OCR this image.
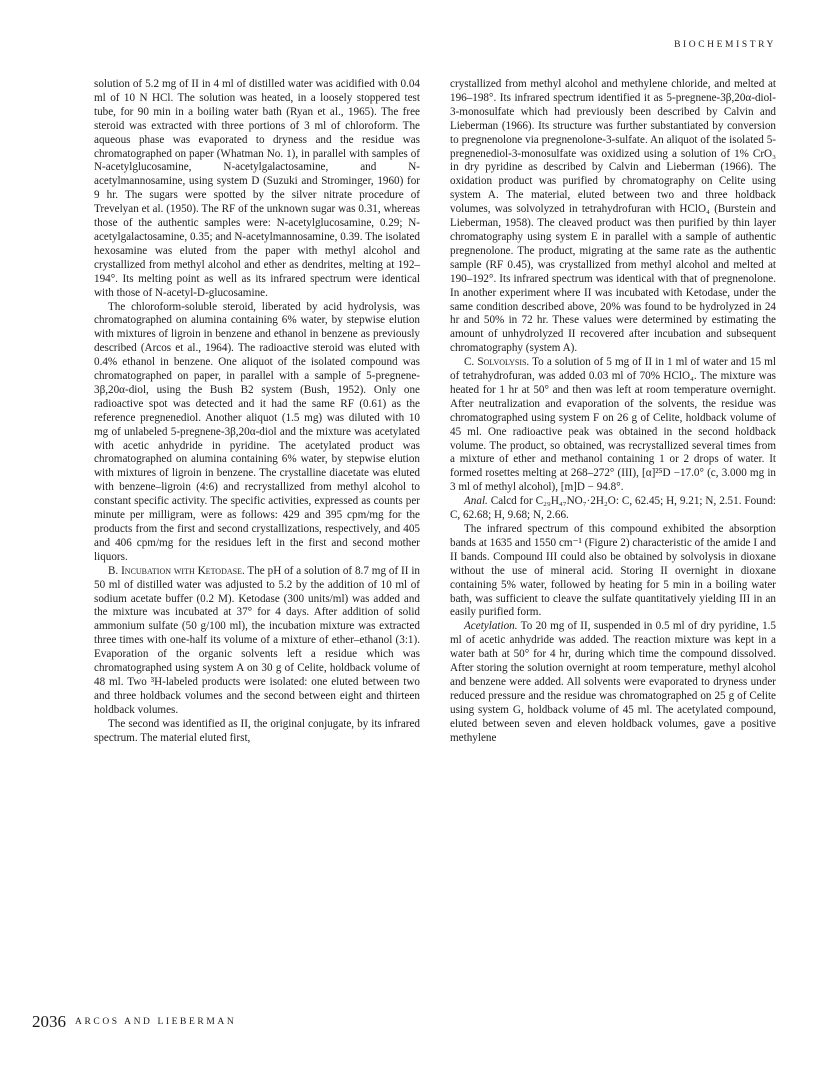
BIOCHEMISTRY

solution of 5.2 mg of II in 4 ml of distilled water was acidified with 0.04 ml of 10 N HCl. The solution was heated, in a loosely stoppered test tube, for 90 min in a boiling water bath (Ryan et al., 1965). The free steroid was extracted with three portions of 3 ml of chloroform. The aqueous phase was evaporated to dryness and the residue was chromatographed on paper (Whatman No. 1), in parallel with samples of N-acetylglucosamine, N-acetylgalactosamine, and N-acetylmannosamine, using system D (Suzuki and Strominger, 1960) for 9 hr. The sugars were spotted by the silver nitrate procedure of Trevelyan et al. (1950). The RF of the unknown sugar was 0.31, whereas those of the authentic samples were: N-acetylglucosamine, 0.29; N-acetylgalactosamine, 0.35; and N-acetylmannosamine, 0.39. The isolated hexosamine was eluted from the paper with methyl alcohol and crystallized from methyl alcohol and ether as dendrites, melting at 192–194°. Its melting point as well as its infrared spectrum were identical with those of N-acetyl-D-glucosamine.

The chloroform-soluble steroid, liberated by acid hydrolysis, was chromatographed on alumina containing 6% water, by stepwise elution with mixtures of ligroin in benzene and ethanol in benzene as previously described (Arcos et al., 1964). The radioactive steroid was eluted with 0.4% ethanol in benzene. One aliquot of the isolated compound was chromatographed on paper, in parallel with a sample of 5-pregnene-3β,20α-diol, using the Bush B2 system (Bush, 1952). Only one radioactive spot was detected and it had the same RF (0.61) as the reference pregnenediol. Another aliquot (1.5 mg) was diluted with 10 mg of unlabeled 5-pregnene-3β,20α-diol and the mixture was acetylated with acetic anhydride in pyridine. The acetylated product was chromatographed on alumina containing 6% water, by stepwise elution with mixtures of ligroin in benzene. The crystalline diacetate was eluted with benzene–ligroin (4:6) and recrystallized from methyl alcohol to constant specific activity. The specific activities, expressed as counts per minute per milligram, were as follows: 429 and 395 cpm/mg for the products from the first and second crystallizations, respectively, and 405 and 406 cpm/mg for the residues left in the first and second mother liquors.

B. Incubation with Ketodase. The pH of a solution of 8.7 mg of II in 50 ml of distilled water was adjusted to 5.2 by the addition of 10 ml of sodium acetate buffer (0.2 M). Ketodase (300 units/ml) was added and the mixture was incubated at 37° for 4 days. After addition of solid ammonium sulfate (50 g/100 ml), the incubation mixture was extracted three times with one-half its volume of a mixture of ether–ethanol (3:1). Evaporation of the organic solvents left a residue which was chromatographed using system A on 30 g of Celite, holdback volume of 48 ml. Two ³H-labeled products were isolated: one eluted between two and three holdback volumes and the second between eight and thirteen holdback volumes.

The second was identified as II, the original conjugate, by its infrared spectrum. The material eluted first,

crystallized from methyl alcohol and methylene chloride, and melted at 196–198°. Its infrared spectrum identified it as 5-pregnene-3β,20α-diol-3-monosulfate which had previously been described by Calvin and Lieberman (1966). Its structure was further substantiated by conversion to pregnenolone via pregnenolone-3-sulfate. An aliquot of the isolated 5-pregnenediol-3-monosulfate was oxidized using a solution of 1% CrO₃ in dry pyridine as described by Calvin and Lieberman (1966). The oxidation product was purified by chromatography on Celite using system A. The material, eluted between two and three holdback volumes, was solvolyzed in tetrahydrofuran with HClO₄ (Burstein and Lieberman, 1958). The cleaved product was then purified by thin layer chromatography using system E in parallel with a sample of authentic pregnenolone. The product, migrating at the same rate as the authentic sample (RF 0.45), was crystallized from methyl alcohol and melted at 190–192°. Its infrared spectrum was identical with that of pregnenolone. In another experiment where II was incubated with Ketodase, under the same condition described above, 20% was found to be hydrolyzed in 24 hr and 50% in 72 hr. These values were determined by estimating the amount of unhydrolyzed II recovered after incubation and subsequent chromatography (system A).

C. Solvolysis. To a solution of 5 mg of II in 1 ml of water and 15 ml of tetrahydrofuran, was added 0.03 ml of 70% HClO₄. The mixture was heated for 1 hr at 50° and then was left at room temperature overnight. After neutralization and evaporation of the solvents, the residue was chromatographed using system F on 26 g of Celite, holdback volume of 45 ml. One radioactive peak was obtained in the second holdback volume. The product, so obtained, was recrystallized several times from a mixture of ether and methanol containing 1 or 2 drops of water. It formed rosettes melting at 268–272° (III), [α]²⁵D −17.0° (c, 3.000 mg in 3 ml of methyl alcohol), [m]D − 94.8°.

Anal. Calcd for C₂₉H₄₇NO₇·2H₂O: C, 62.45; H, 9.21; N, 2.51. Found: C, 62.68; H, 9.68; N, 2.66.

The infrared spectrum of this compound exhibited the absorption bands at 1635 and 1550 cm⁻¹ (Figure 2) characteristic of the amide I and II bands. Compound III could also be obtained by solvolysis in dioxane without the use of mineral acid. Storing II overnight in dioxane containing 5% water, followed by heating for 5 min in a boiling water bath, was sufficient to cleave the sulfate quantitatively yielding III in an easily purified form.

Acetylation. To 20 mg of II, suspended in 0.5 ml of dry pyridine, 1.5 ml of acetic anhydride was added. The reaction mixture was kept in a water bath at 50° for 4 hr, during which time the compound dissolved. After storing the solution overnight at room temperature, methyl alcohol and benzene were added. All solvents were evaporated to dryness under reduced pressure and the residue was chromatographed on 25 g of Celite using system G, holdback volume of 45 ml. The acetylated compound, eluted between seven and eleven holdback volumes, gave a positive methylene

2036 ARCOS AND LIEBERMAN
